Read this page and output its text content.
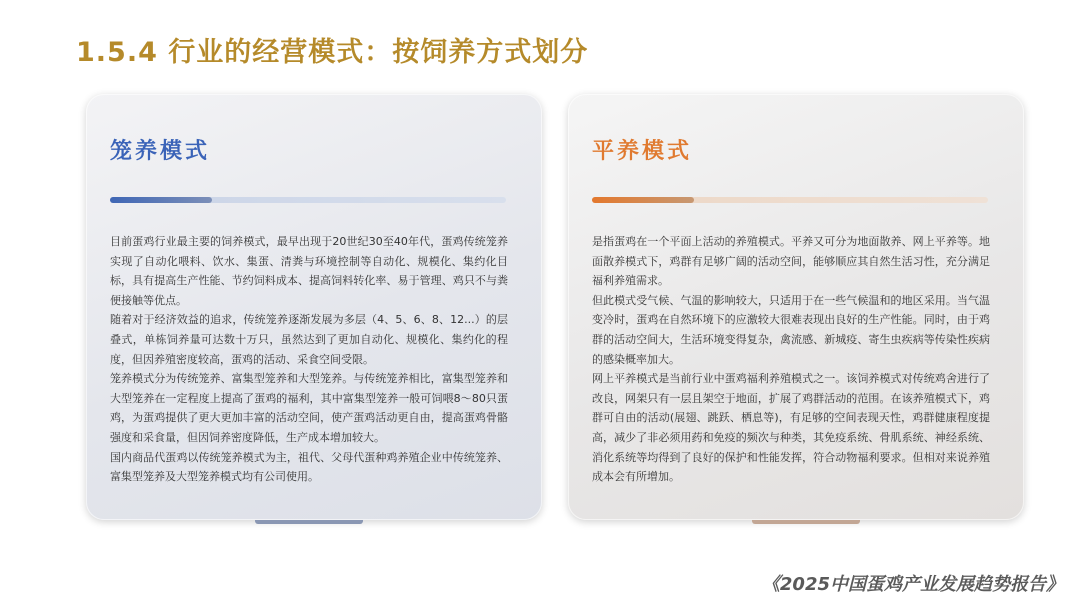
1.5.4 行业的经营模式：按饲养方式划分
笼养模式

目前蛋鸡行业最主要的饲养模式，最早出现于20世纪30至40年代，蛋鸡传统笼养实现了自动化喂料、饮水、集蛋、清粪与环境控制等自动化、规模化、集约化目标，具有提高生产性能、节约饲料成本、提高饲料转化率、易于管理、鸡只不与粪便接触等优点。

随着对于经济效益的追求，传统笼养逐渐发展为多层（4、5、6、8、12...）的层叠式，单栋饲养量可达数十万只，虽然达到了更加自动化、规模化、集约化的程度，但因养殖密度较高，蛋鸡的活动、采食空间受限。

笼养模式分为传统笼养、富集型笼养和大型笼养。与传统笼养相比，富集型笼养和大型笼养在一定程度上提高了蛋鸡的福利，其中富集型笼养一般可饲喂8～80只蛋鸡，为蛋鸡提供了更大更加丰富的活动空间，使产蛋鸡活动更自由，提高蛋鸡骨骼强度和采食量，但因饲养密度降低，生产成本增加较大。

国内商品代蛋鸡以传统笼养模式为主，祖代、父母代蛋种鸡养殖企业中传统笼养、富集型笼养及大型笼养模式均有公司使用。

平养模式

是指蛋鸡在一个平面上活动的养殖模式。平养又可分为地面散养、网上平养等。地面散养模式下，鸡群有足够广阔的活动空间，能够顺应其自然生活习性，充分满足福利养殖需求。

但此模式受气候、气温的影响较大，只适用于在一些气候温和的地区采用。当气温变冷时，蛋鸡在自然环境下的应激较大很难表现出良好的生产性能。同时，由于鸡群的活动空间大，生活环境变得复杂，禽流感、新城疫、寄生虫疾病等传染性疾病的感染概率加大。

网上平养模式是当前行业中蛋鸡福利养殖模式之一。该饲养模式对传统鸡舍进行了改良，网架只有一层且架空于地面，扩展了鸡群活动的范围。在该养殖模式下，鸡群可自由的活动(展翅、跳跃、栖息等)，有足够的空间表现天性，鸡群健康程度提高，减少了非必须用药和免疫的频次与种类，其免疫系统、骨肌系统、神经系统、消化系统等均得到了良好的保护和性能发挥，符合动物福利要求。但相对来说养殖成本会有所增加。

《2025中国蛋鸡产业发展趋势报告》
